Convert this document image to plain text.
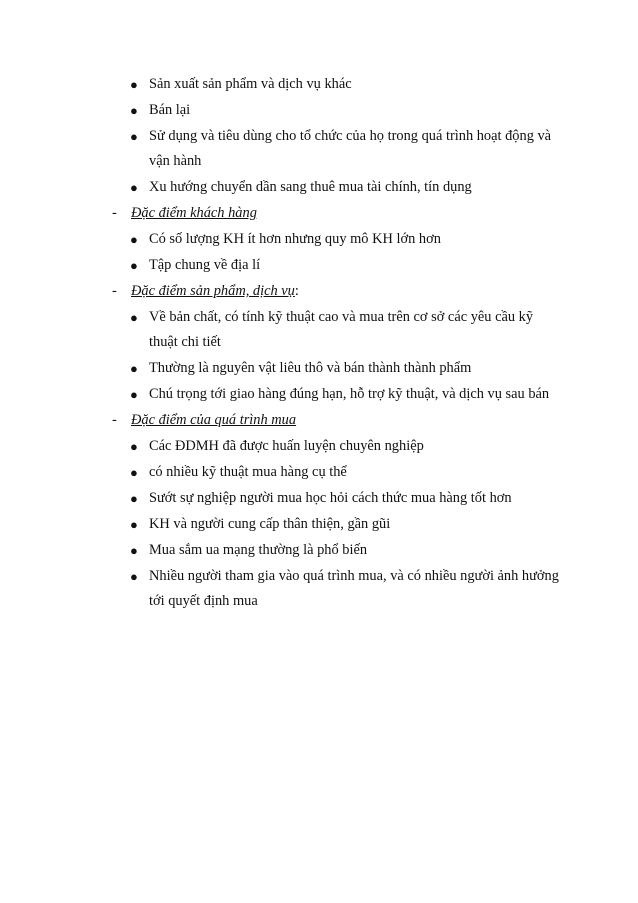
● Sản xuất sản phẩm và dịch vụ khác
● Bán lại
● Sử dụng và tiêu dùng cho tổ chức của họ trong quá trình hoạt động và vận hành
● Xu hướng chuyển dần sang thuê mua tài chính, tín dụng
- Đặc điểm khách hàng
● Có số lượng KH ít hơn nhưng quy mô KH lớn hơn
● Tập chung về địa lí
- Đặc điểm sản phẩm, dịch vụ:
● Về bản chất, có tính kỹ thuật cao và mua trên cơ sở các yêu cầu kỹ thuật chi tiết
● Thường là nguyên vật liêu thô và bán thành thành phẩm
● Chú trọng tới giao hàng đúng hạn, hỗ trợ kỹ thuật, và dịch vụ sau bán
- Đặc điểm của quá trình mua
● Các ĐDMH đã được huấn luyện chuyên nghiệp
● có nhiều kỹ thuật mua hàng cụ thể
● Sướt sự nghiệp người mua học hỏi cách thức mua hàng tốt hơn
● KH và người cung cấp thân thiện, gần gũi
● Mua sắm ua mạng thường là phổ biến
● Nhiều người tham gia vào quá trình mua, và có nhiều người ảnh hưởng tới quyết định mua
